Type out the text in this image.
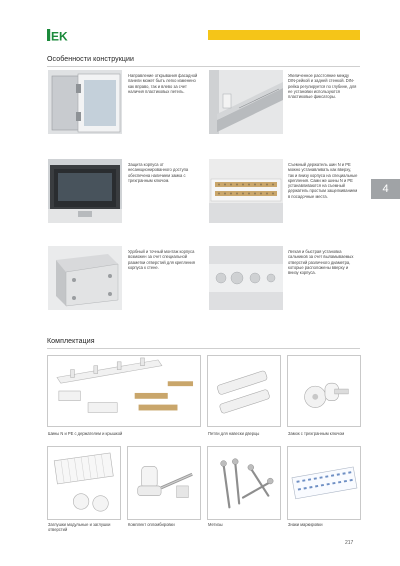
EK
Особенности конструкции
Направление открывания фасадной панели может быть легко изменено как вправо, так и влево за счет наличия пластиковых петель.
Увеличенное расстояние между DIN-рейкой и задней стенкой. DIN-рейка регулируется по глубине, для ее установки используются пластиковые фиксаторы.
Защита корпуса от несанкционированного доступа обеспечена наличием замка с трехгранным ключом.
Съемный держатель шин N и PE можно устанавливать как вверху, так и внизу корпуса на специальные крепления. Сами же шины N и PE устанавливаются на съемный держатель простым защелкиванием в посадочные места.
4
Удобный и точный монтаж корпуса возможен за счет специальной разметки отверстий для крепления корпуса к стене.
Легкая и быстрая установка сальников за счет выламываемых отверстий различного диаметра, которые расположены вверху и внизу корпуса.
Комплектация
Шины N и PE с держателем и крышкой	Петли для навески дверцы	Замок с трехгранным ключом
Заглушки модульные и заглушки отверстий
Комплект опломбировки	Метизы	Знаки маркировки
217
